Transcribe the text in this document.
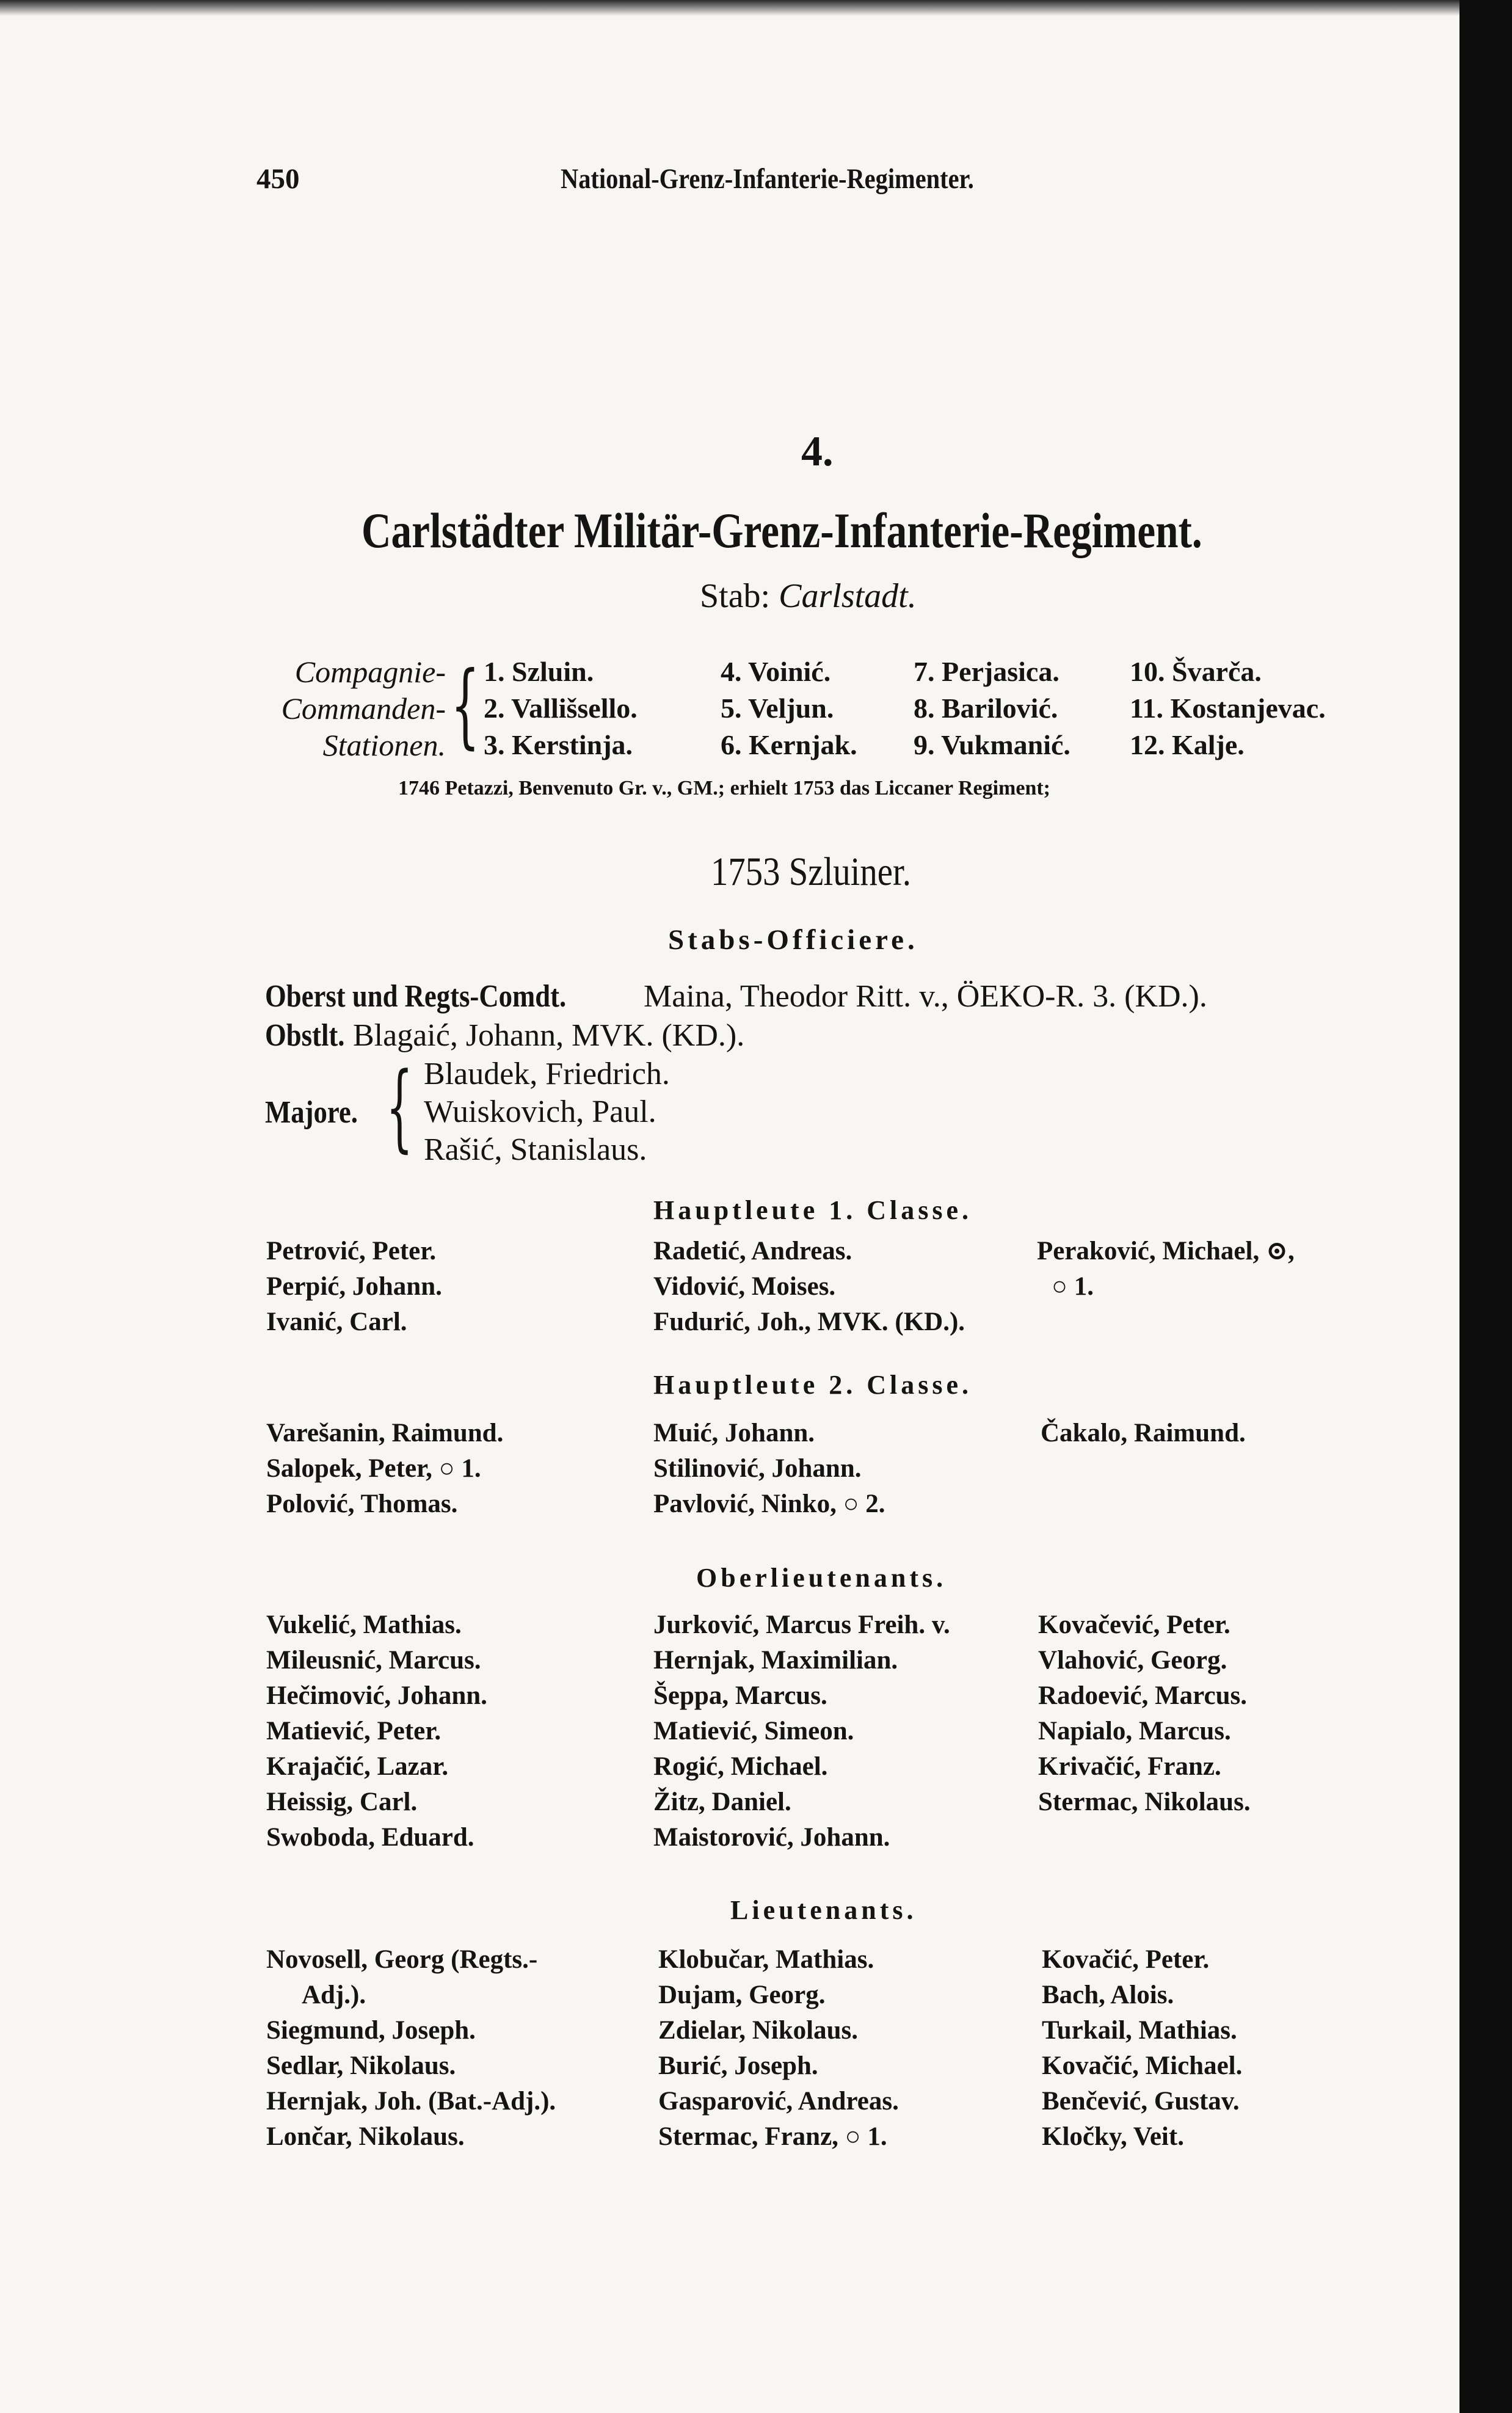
450	National-Grenz-Infanterie-Regimenter.
4.
Carlstädter Militär-Grenz-Infanterie-Regiment.
Stab: Carlstadt.
Compagnie-
Commanden-
Stationen. { 1. Szluin.
2. Vallišsello.
3. Kerstinja.
4. Voinić.
5. Veljun.
6. Kernjak.
7. Perjasica.
8. Barilović.
9. Vukmanić.
10. Švarča.
11. Kostanjevac.
12. Kalje.
1746 Petazzi, Benvenuto Gr. v., GM.; erhielt 1753 das Liccaner Regiment;
1753 Szluiner.
Stabs-Officiere.
Oberst und Regts-Comdt. Maina, Theodor Ritt. v., ÖEKO-R. 3. (KD.).
Obstlt. Blagaić, Johann, MVK. (KD.).
Majore. { Blaudek, Friedrich.
Wuiskovich, Paul.
Rašić, Stanislaus.
Hauptleute 1. Classe.
Petrović, Peter.
Perpić, Johann.
Ivanić, Carl.
Radetić, Andreas.
Vidović, Moises.
Fudurić, Joh., MVK. (KD.).
Peraković, Michael, ⊙,
○ 1.
Hauptleute 2. Classe.
Varešanin, Raimund.
Salopek, Peter, ○ 1.
Polović, Thomas.
Muić, Johann.
Stilinović, Johann.
Pavlović, Ninko, ○ 2.
Čakalo, Raimund.
Oberlieutenants.
Vukelić, Mathias.
Mileusnić, Marcus.
Hečimović, Johann.
Matiević, Peter.
Krajačić, Lazar.
Heissig, Carl.
Swoboda, Eduard.
Jurković, Marcus Freih. v.
Hernjak, Maximilian.
Šeppa, Marcus.
Matiević, Simeon.
Rogić, Michael.
Žitz, Daniel.
Maistorović, Johann.
Kovačević, Peter.
Vlahović, Georg.
Radoević, Marcus.
Napialo, Marcus.
Krivačić, Franz.
Stermac, Nikolaus.
Lieutenants.
Novosell, Georg (Regts.-
Adj.).
Siegmund, Joseph.
Sedlar, Nikolaus.
Hernjak, Joh. (Bat.-Adj.).
Lončar, Nikolaus.
Klobučar, Mathias.
Dujam, Georg.
Zdielar, Nikolaus.
Burić, Joseph.
Gasparović, Andreas.
Stermac, Franz, ○ 1.
Kovačić, Peter.
Bach, Alois.
Turkail, Mathias.
Kovačić, Michael.
Benčević, Gustav.
Kločky, Veit.
